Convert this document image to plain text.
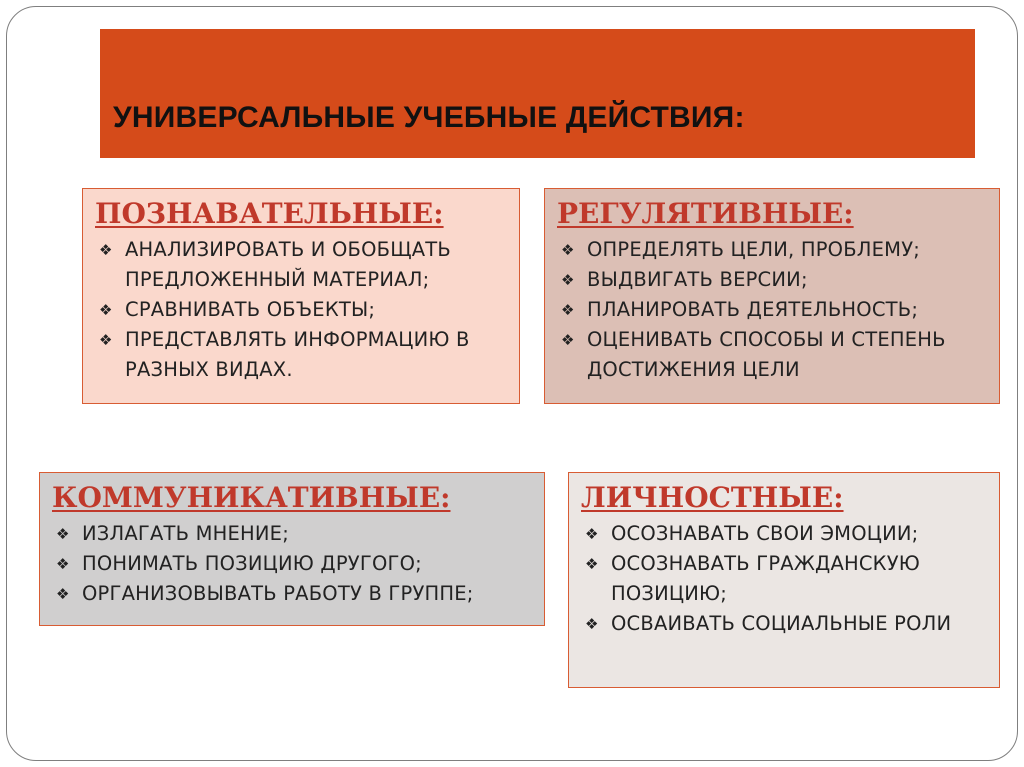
УНИВЕРСАЛЬНЫЕ УЧЕБНЫЕ ДЕЙСТВИЯ:
ПОЗНАВАТЕЛЬНЫЕ:
❖ АНАЛИЗИРОВАТЬ И ОБОБЩАТЬ ПРЕДЛОЖЕННЫЙ МАТЕРИАЛ;
❖ СРАВНИВАТЬ ОБЪЕКТЫ;
❖ ПРЕДСТАВЛЯТЬ ИНФОРМАЦИЮ В РАЗНЫХ ВИДАХ.
РЕГУЛЯТИВНЫЕ:
❖ ОПРЕДЕЛЯТЬ ЦЕЛИ, ПРОБЛЕМУ;
❖ ВЫДВИГАТЬ ВЕРСИИ;
❖ ПЛАНИРОВАТЬ ДЕЯТЕЛЬНОСТЬ;
❖ ОЦЕНИВАТЬ СПОСОБЫ И СТЕПЕНЬ ДОСТИЖЕНИЯ ЦЕЛИ
КОММУНИКАТИВНЫЕ:
❖ ИЗЛАГАТЬ МНЕНИЕ;
❖ ПОНИМАТЬ ПОЗИЦИЮ ДРУГОГО;
❖ ОРГАНИЗОВЫВАТЬ РАБОТУ В ГРУППЕ;
ЛИЧНОСТНЫЕ:
❖ ОСОЗНАВАТЬ СВОИ ЭМОЦИИ;
❖ ОСОЗНАВАТЬ ГРАЖДАНСКУЮ ПОЗИЦИЮ;
❖ ОСВАИВАТЬ СОЦИАЛЬНЫЕ РОЛИ
